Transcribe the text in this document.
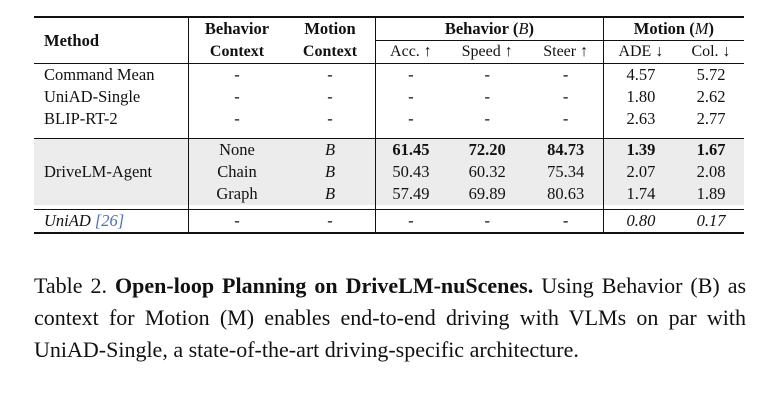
Method	Behavior	Motion	Behavior (B)			Motion (M)	
	Context	Context	Acc. ↑	Speed ↑	Steer ↑	ADE ↓	Col. ↓
Command Mean	-	-	-	-	-	4.57	5.72
UniAD-Single	-	-	-	-	-	1.80	2.62
BLIP-RT-2	-	-	-	-	-	2.63	2.77

DriveLM-Agent	None	B	61.45	72.20	84.73	1.39	1.67
	Chain	B	50.43	60.32	75.34	2.07	2.08
	Graph	B	57.49	69.89	80.63	1.74	1.89

UniAD [26]	-	-	-	-	-	0.80	0.17
Table 2. Open-loop Planning on DriveLM-nuScenes. Using Behavior (B) as context for Motion (M) enables end-to-end driving with VLMs on par with UniAD-Single, a state-of-the-art driving-specific architecture.
